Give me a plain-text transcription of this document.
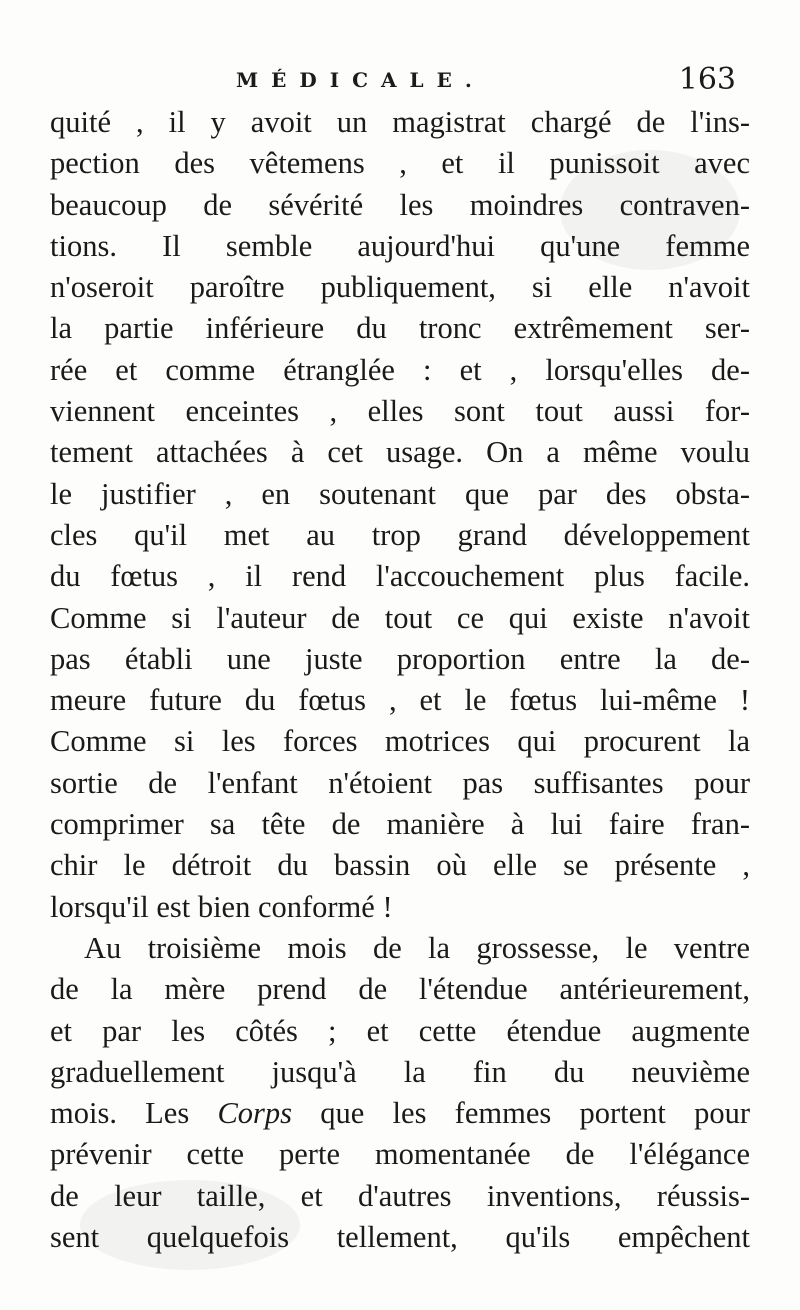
MÉDICALE.	163
quité , il y avoit un magistrat chargé de l'ins-
pection des vêtemens , et il punissoit avec
beaucoup de sévérité les moindres contraven-
tions. Il semble aujourd'hui qu'une femme
n'oseroit paroître publiquement, si elle n'avoit
la partie inférieure du tronc extrêmement ser-
rée et comme étranglée : et , lorsqu'elles de-
viennent enceintes , elles sont tout aussi for-
tement attachées à cet usage. On a même voulu
le justifier , en soutenant que par des obsta-
cles qu'il met au trop grand développement
du fœtus , il rend l'accouchement plus facile.
Comme si l'auteur de tout ce qui existe n'avoit
pas établi une juste proportion entre la de-
meure future du fœtus , et le fœtus lui-même !
Comme si les forces motrices qui procurent la
sortie de l'enfant n'étoient pas suffisantes pour
comprimer sa tête de manière à lui faire fran-
chir le détroit du bassin où elle se présente ,
lorsqu'il est bien conformé !
Au troisième mois de la grossesse, le ventre
de la mère prend de l'étendue antérieurement,
et par les côtés ; et cette étendue augmente
graduellement jusqu'à la fin du neuvième
mois. Les Corps que les femmes portent pour
prévenir cette perte momentanée de l'élégance
de leur taille, et d'autres inventions, réussis-
sent quelquefois tellement, qu'ils empêchent
